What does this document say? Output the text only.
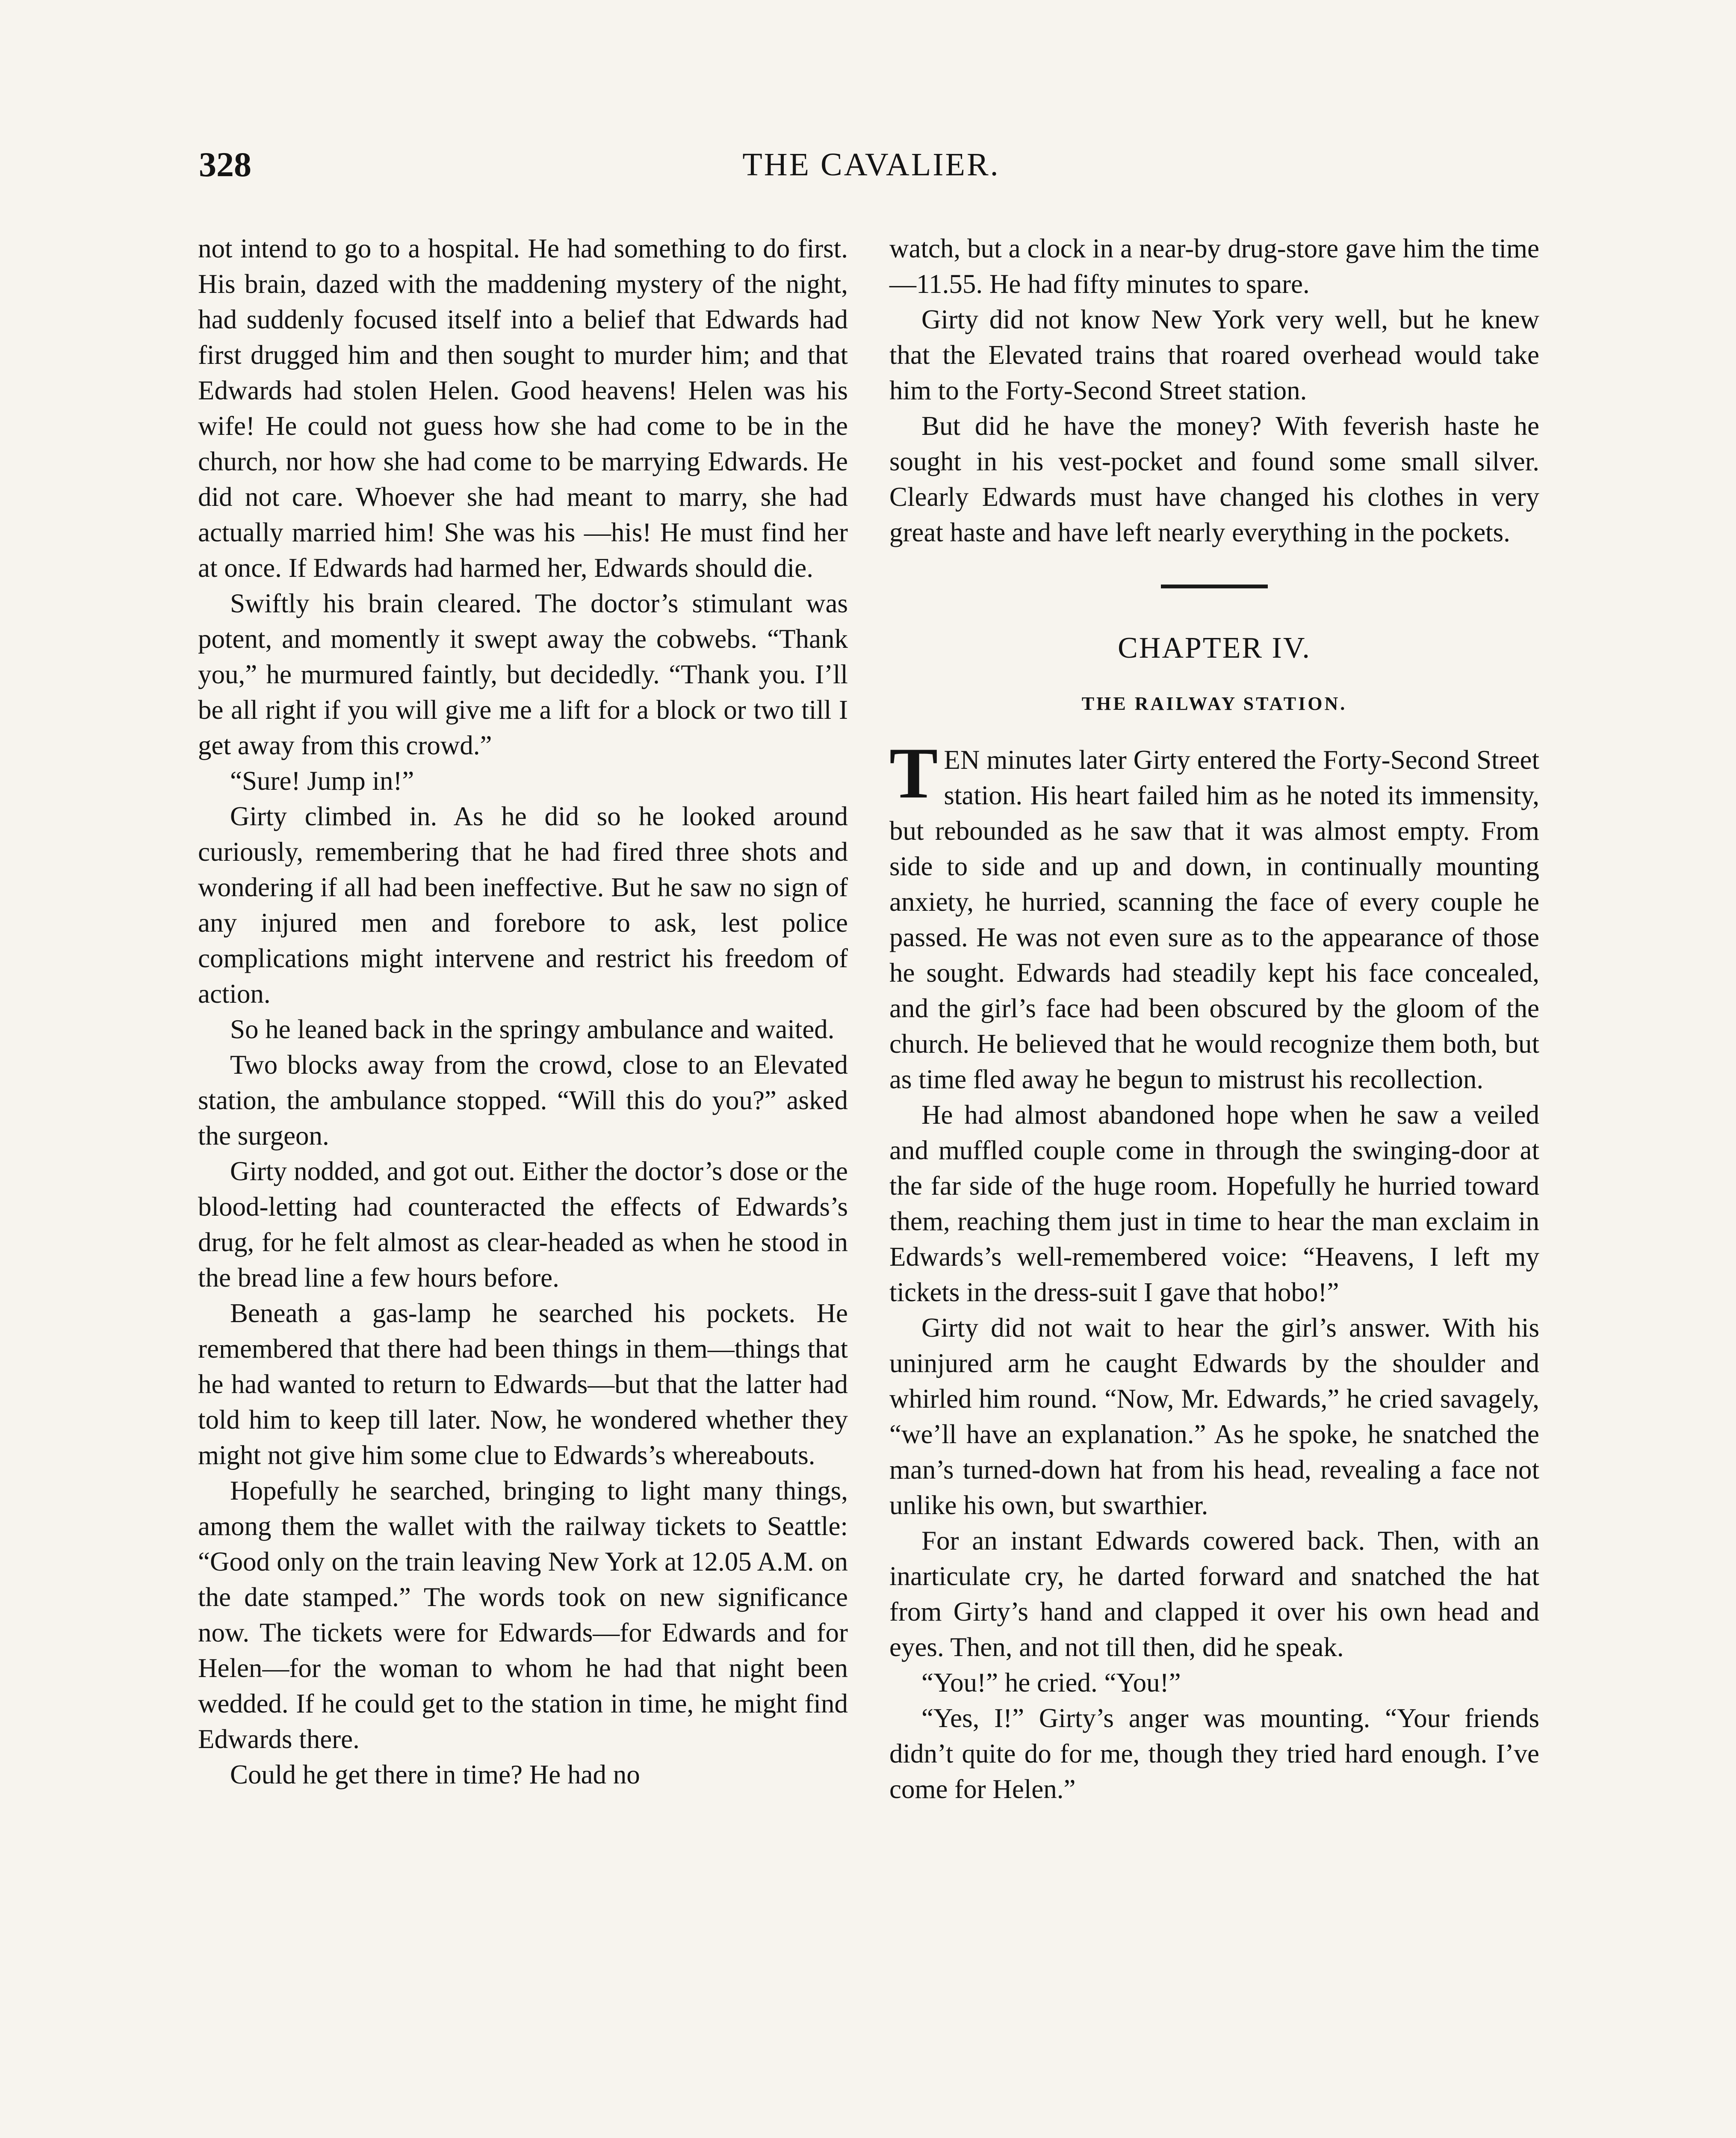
328	THE CAVALIER.

not intend to go to a hospital. He had something to do first. His brain, dazed with the maddening mystery of the night, had suddenly focused itself into a belief that Edwards had first drugged him and then sought to murder him; and that Edwards had stolen Helen. Good heavens! Helen was his wife! He could not guess how she had come to be in the church, nor how she had come to be marrying Edwards. He did not care. Whoever she had meant to marry, she had actually married him! She was his —his! He must find her at once. If Edwards had harmed her, Edwards should die.

Swiftly his brain cleared. The doctor’s stimulant was potent, and momently it swept away the cobwebs. “Thank you,” he murmured faintly, but decidedly. “Thank you. I’ll be all right if you will give me a lift for a block or two till I get away from this crowd.”

“Sure! Jump in!”

Girty climbed in. As he did so he looked around curiously, remembering that he had fired three shots and wondering if all had been ineffective. But he saw no sign of any injured men and forebore to ask, lest police complications might intervene and restrict his freedom of action.

So he leaned back in the springy ambulance and waited.

Two blocks away from the crowd, close to an Elevated station, the ambulance stopped. “Will this do you?” asked the surgeon.

Girty nodded, and got out. Either the doctor’s dose or the blood-letting had counteracted the effects of Edwards’s drug, for he felt almost as clear-headed as when he stood in the bread line a few hours before.

Beneath a gas-lamp he searched his pockets. He remembered that there had been things in them—things that he had wanted to return to Edwards—but that the latter had told him to keep till later. Now, he wondered whether they might not give him some clue to Edwards’s whereabouts.

Hopefully he searched, bringing to light many things, among them the wallet with the railway tickets to Seattle: “Good only on the train leaving New York at 12.05 A.M. on the date stamped.” The words took on new significance now. The tickets were for Edwards—for Edwards and for Helen—for the woman to whom he had that night been wedded. If he could get to the station in time, he might find Edwards there.

Could he get there in time? He had no

watch, but a clock in a near-by drug-store gave him the time—11.55. He had fifty minutes to spare.

Girty did not know New York very well, but he knew that the Elevated trains that roared overhead would take him to the Forty-Second Street station.

But did he have the money? With feverish haste he sought in his vest-pocket and found some small silver. Clearly Edwards must have changed his clothes in very great haste and have left nearly everything in the pockets.

CHAPTER IV.
THE RAILWAY STATION.

TEN minutes later Girty entered the Forty-Second Street station. His heart failed him as he noted its immensity, but rebounded as he saw that it was almost empty. From side to side and up and down, in continually mounting anxiety, he hurried, scanning the face of every couple he passed. He was not even sure as to the appearance of those he sought. Edwards had steadily kept his face concealed, and the girl’s face had been obscured by the gloom of the church. He believed that he would recognize them both, but as time fled away he begun to mistrust his recollection.

He had almost abandoned hope when he saw a veiled and muffled couple come in through the swinging-door at the far side of the huge room. Hopefully he hurried toward them, reaching them just in time to hear the man exclaim in Edwards’s well-remembered voice: “Heavens, I left my tickets in the dress-suit I gave that hobo!”

Girty did not wait to hear the girl’s answer. With his uninjured arm he caught Edwards by the shoulder and whirled him round. “Now, Mr. Edwards,” he cried savagely, “we’ll have an explanation.” As he spoke, he snatched the man’s turned-down hat from his head, revealing a face not unlike his own, but swarthier.

For an instant Edwards cowered back. Then, with an inarticulate cry, he darted forward and snatched the hat from Girty’s hand and clapped it over his own head and eyes. Then, and not till then, did he speak.

“You!” he cried. “You!”

“Yes, I!” Girty’s anger was mounting. “Your friends didn’t quite do for me, though they tried hard enough. I’ve come for Helen.”
